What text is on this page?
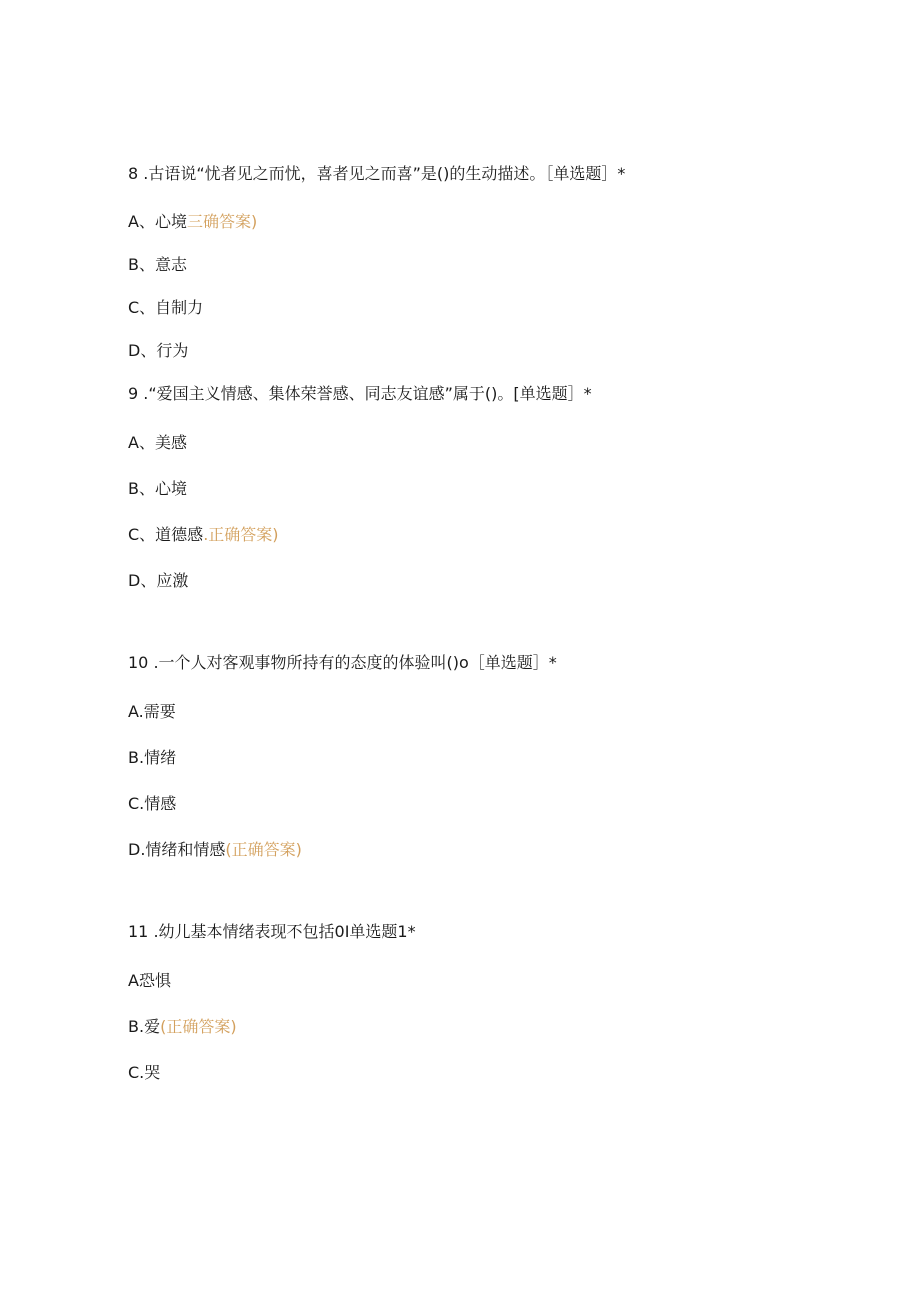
8 .古语说“忧者见之而忧，喜者见之而喜”是()的生动描述。［单选题］*
A、心境三确答案)
B、意志
C、自制力
D、行为
9 .“爱国主义情感、集体荣誉感、同志友谊感”属于()。[单选题］*
A、美感
B、心境
C、道德感.正确答案)
D、应激
10 .一个人对客观事物所持有的态度的体验叫()o［单选题］*
A.需要
B.情绪
C.情感
D.情绪和情感(正确答案)
11 .幼儿基本情绪表现不包括0I单选题1*
A恐惧
B.爱(正确答案)
C.哭
